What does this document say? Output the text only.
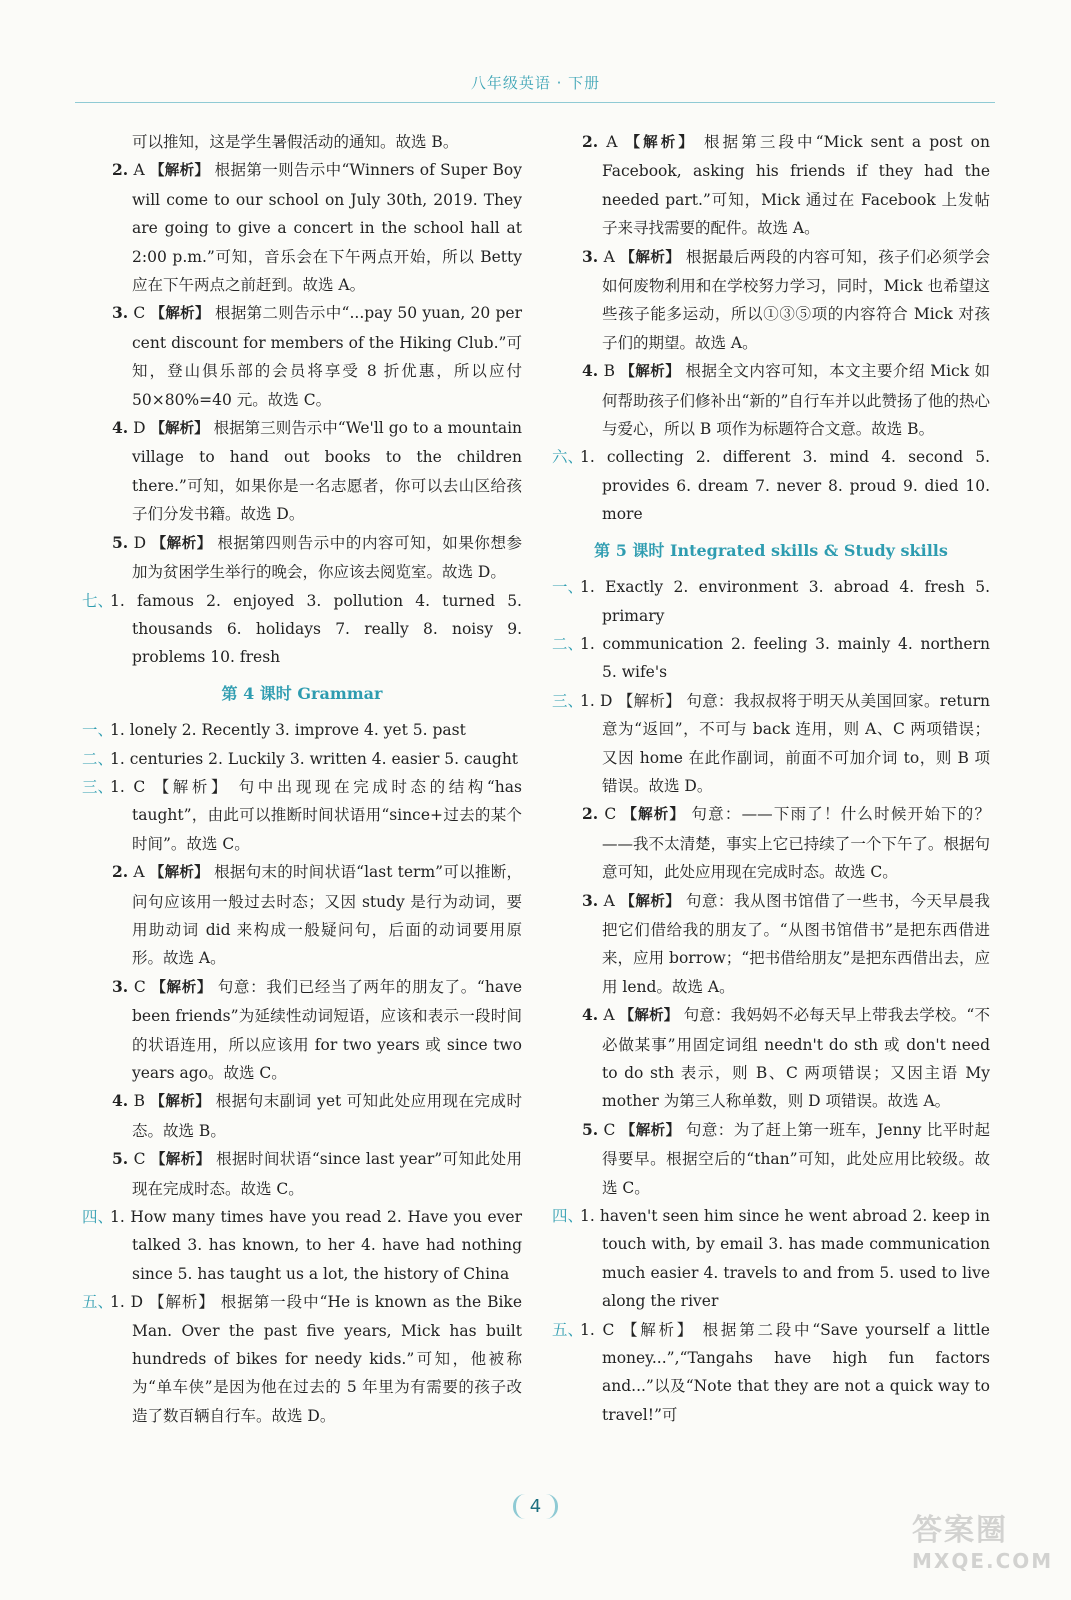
八年级英语 · 下册

可以推知，这是学生暑假活动的通知。故选 B。

2. A 【解析】 根据第一则告示中“Winners of Super Boy will come to our school on July 30th, 2019. They are going to give a concert in the school hall at 2:00 p.m.”可知，音乐会在下午两点开始，所以 Betty 应在下午两点之前赶到。故选 A。

3. C 【解析】 根据第二则告示中“...pay 50 yuan, 20 per cent discount for members of the Hiking Club.”可知，登山俱乐部的会员将享受 8 折优惠，所以应付 50×80%=40 元。故选 C。

4. D 【解析】 根据第三则告示中“We'll go to a mountain village to hand out books to the children there.”可知，如果你是一名志愿者，你可以去山区给孩子们分发书籍。故选 D。

5. D 【解析】 根据第四则告示中的内容可知，如果你想参加为贫困学生举行的晚会，你应该去阅览室。故选 D。

七、1. famous 2. enjoyed 3. pollution 4. turned 5. thousands 6. holidays 7. really 8. noisy 9. problems 10. fresh

第 4 课时 Grammar

一、1. lonely 2. Recently 3. improve 4. yet 5. past

二、1. centuries 2. Luckily 3. written 4. easier 5. caught

三、1. C 【解析】 句中出现现在完成时态的结构“has taught”，由此可以推断时间状语用“since+过去的某个时间”。故选 C。

2. A 【解析】 根据句末的时间状语“last term”可以推断，问句应该用一般过去时态；又因 study 是行为动词，要用助动词 did 来构成一般疑问句，后面的动词要用原形。故选 A。

3. C 【解析】 句意：我们已经当了两年的朋友了。“have been friends”为延续性动词短语，应该和表示一段时间的状语连用，所以应该用 for two years 或 since two years ago。故选 C。

4. B 【解析】 根据句末副词 yet 可知此处应用现在完成时态。故选 B。

5. C 【解析】 根据时间状语“since last year”可知此处用现在完成时态。故选 C。

四、1. How many times have you read 2. Have you ever talked 3. has known, to her 4. have had nothing since 5. has taught us a lot, the history of China

五、1. D 【解析】 根据第一段中“He is known as the Bike Man. Over the past five years, Mick has built hundreds of bikes for needy kids.”可知，他被称为“单车侠”是因为他在过去的 5 年里为有需要的孩子改造了数百辆自行车。故选 D。

2. A 【解析】 根据第三段中“Mick sent a post on Facebook, asking his friends if they had the needed part.”可知，Mick 通过在 Facebook 上发帖子来寻找需要的配件。故选 A。

3. A 【解析】 根据最后两段的内容可知，孩子们必须学会如何废物利用和在学校努力学习，同时，Mick 也希望这些孩子能多运动，所以①③⑤项的内容符合 Mick 对孩子们的期望。故选 A。

4. B 【解析】 根据全文内容可知，本文主要介绍 Mick 如何帮助孩子们修补出“新的”自行车并以此赞扬了他的热心与爱心，所以 B 项作为标题符合文意。故选 B。

六、1. collecting 2. different 3. mind 4. second 5. provides 6. dream 7. never 8. proud 9. died 10. more

第 5 课时 Integrated skills & Study skills

一、1. Exactly 2. environment 3. abroad 4. fresh 5. primary

二、1. communication 2. feeling 3. mainly 4. northern 5. wife's

三、1. D 【解析】 句意：我叔叔将于明天从美国回家。return 意为“返回”，不可与 back 连用，则 A、C 两项错误；又因 home 在此作副词，前面不可加介词 to，则 B 项错误。故选 D。

2. C 【解析】 句意：——下雨了！什么时候开始下的？——我不太清楚，事实上它已持续了一个下午了。根据句意可知，此处应用现在完成时态。故选 C。

3. A 【解析】 句意：我从图书馆借了一些书，今天早晨我把它们借给我的朋友了。“从图书馆借书”是把东西借进来，应用 borrow；“把书借给朋友”是把东西借出去，应用 lend。故选 A。

4. A 【解析】 句意：我妈妈不必每天早上带我去学校。“不必做某事”用固定词组 needn't do sth 或 don't need to do sth 表示，则 B、C 两项错误；又因主语 My mother 为第三人称单数，则 D 项错误。故选 A。

5. C 【解析】 句意：为了赶上第一班车，Jenny 比平时起得要早。根据空后的“than”可知，此处应用比较级。故选 C。

四、1. haven't seen him since he went abroad 2. keep in touch with, by email 3. has made communication much easier 4. travels to and from 5. used to live along the river

五、1. C 【解析】 根据第二段中“Save yourself a little money...”,“Tangahs have high fun factors and...”以及“Note that they are not a quick way to travel!”可

4
答案圈
MXQE.COM
